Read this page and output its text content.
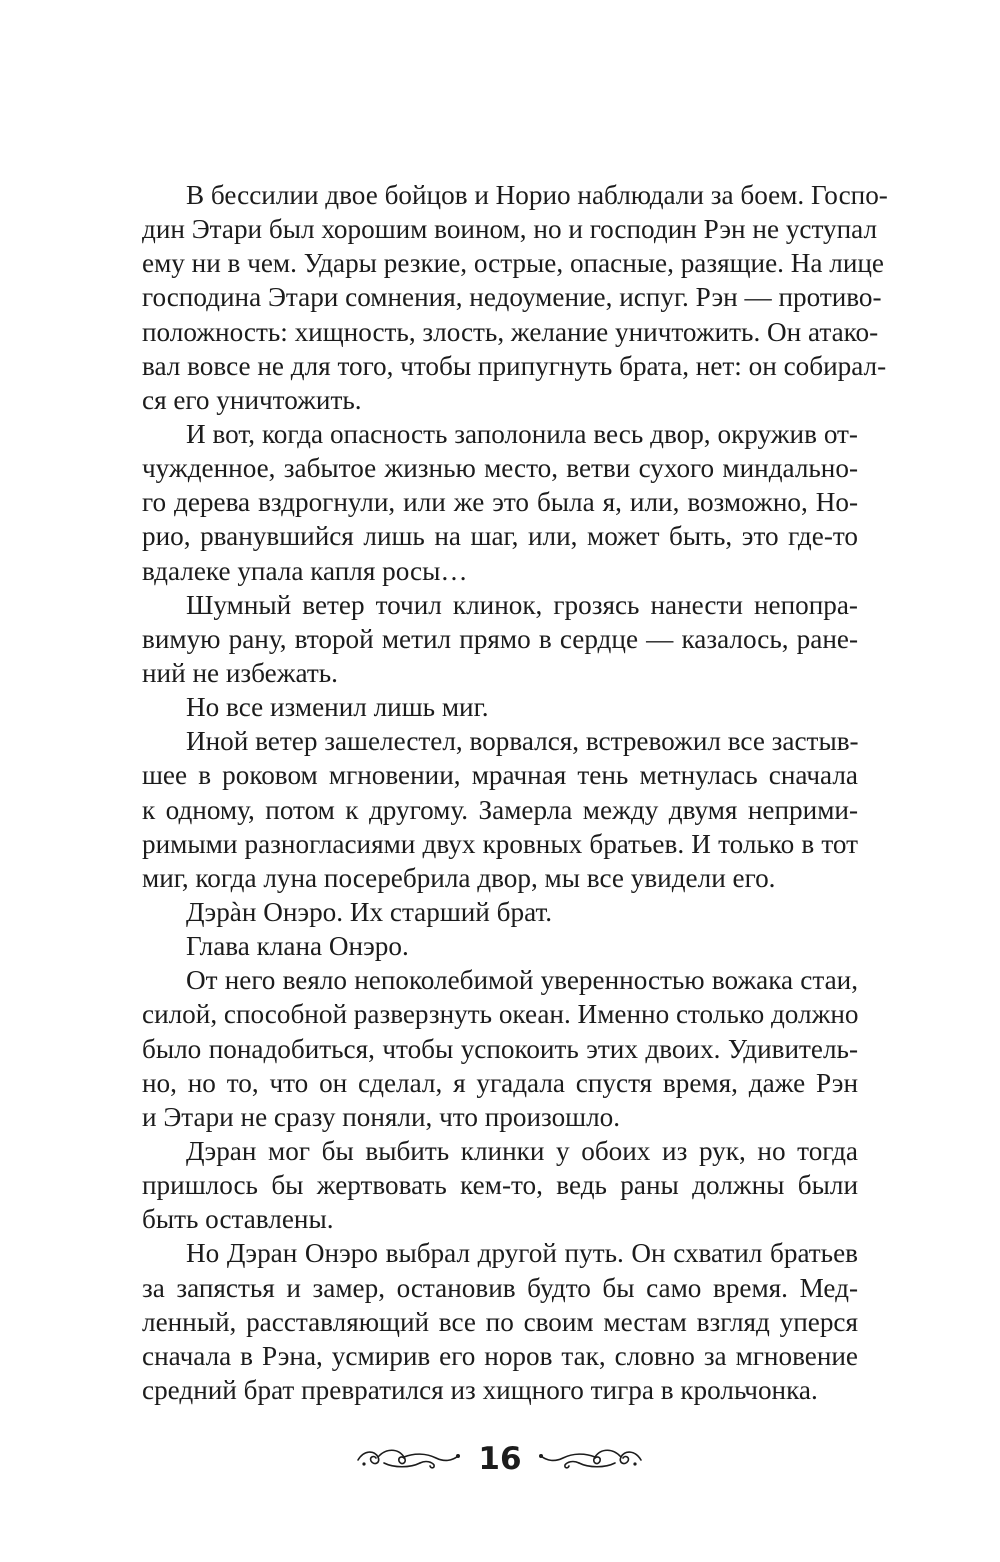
В бессилии двое бойцов и Норио наблюдали за боем. Госпо-
дин Этари был хорошим воином, но и господин Рэн не уступал
ему ни в чем. Удары резкие, острые, опасные, разящие. На лице
господина Этари сомнения, недоумение, испуг. Рэн — противо-
положность: хищность, злость, желание уничтожить. Он атако-
вал вовсе не для того, чтобы припугнуть брата, нет: он собирал-
ся его уничтожить.
И вот, когда опасность заполонила весь двор, окружив от-
чужденное, забытое жизнью место, ветви сухого миндально-
го дерева вздрогнули, или же это была я, или, возможно, Но-
рио, рванувшийся лишь на шаг, или, может быть, это где-то
вдалеке упала капля росы…
Шумный ветер точил клинок, грозясь нанести непопра-
вимую рану, второй метил прямо в сердце — казалось, ране-
ний не избежать.
Но все изменил лишь миг.
Иной ветер зашелестел, ворвался, встревожил все застыв-
шее в роковом мгновении, мрачная тень метнулась сначала
к одному, потом к другому. Замерла между двумя неприми-
римыми разногласиями двух кровных братьев. И только в тот
миг, когда луна посеребрила двор, мы все увидели его.
Дэрàн Онэро. Их старший брат.
Глава клана Онэро.
От него веяло непоколебимой уверенностью вожака стаи,
силой, способной разверзнуть океан. Именно столько должно
было понадобиться, чтобы успокоить этих двоих. Удивитель-
но, но то, что он сделал, я угадала спустя время, даже Рэн
и Этари не сразу поняли, что произошло.
Дэран мог бы выбить клинки у обоих из рук, но тогда
пришлось бы жертвовать кем-то, ведь раны должны были
быть оставлены.
Но Дэран Онэро выбрал другой путь. Он схватил братьев
за запястья и замер, остановив будто бы само время. Мед-
ленный, расставляющий все по своим местам взгляд уперся
сначала в Рэна, усмирив его норов так, словно за мгновение
средний брат превратился из хищного тигра в крольчонка.
16
